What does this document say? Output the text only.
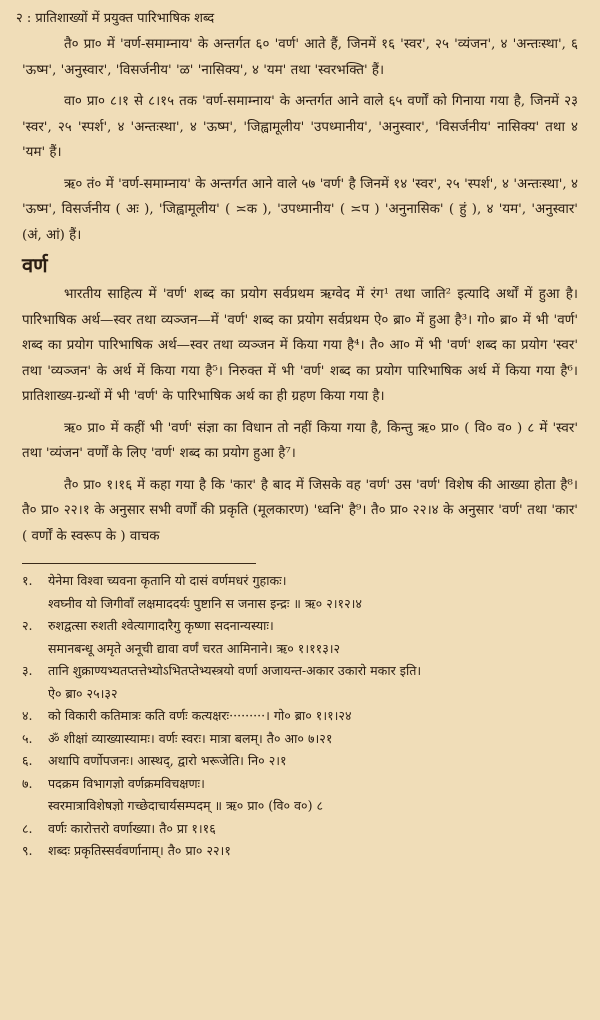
२ : प्रातिशाख्यों में प्रयुक्त पारिभाषिक शब्द

तै० प्रा० में 'वर्ण-समाम्नाय' के अन्तर्गत ६० 'वर्ण' आते हैं, जिनमें १६ 'स्वर', २५ 'व्यंजन', ४ 'अन्तःस्था', ६ 'ऊष्म', 'अनुस्वार', 'विसर्जनीय' 'ळ' 'नासिक्य', ४ 'यम' तथा 'स्वरभक्ति' हैं।

वा० प्रा० ८।१ से ८।१५ तक 'वर्ण-समाम्नाय' के अन्तर्गत आने वाले ६५ वर्णों को गिनाया गया है, जिनमें २३ 'स्वर', २५ 'स्पर्श', ४ 'अन्तःस्था', ४ 'ऊष्म', 'जिह्वामूलीय' 'उपध्मानीय', 'अनुस्वार', 'विसर्जनीय' नासिक्य' तथा ४ 'यम' हैं।

ऋ० तं० में 'वर्ण-समाम्नाय' के अन्तर्गत आने वाले ५७ 'वर्ण' है जिनमें १४ 'स्वर', २५ 'स्पर्श', ४ 'अन्तःस्था', ४ 'ऊष्म', विसर्जनीय ( अः ), 'जिह्वामूलीय' ( ≍क ), 'उपध्मानीय' ( ≍प ) 'अनुनासिक' ( हुं ), ४ 'यम', 'अनुस्वार' (अं, आं) हैं।

वर्ण

भारतीय साहित्य में 'वर्ण' शब्द का प्रयोग सर्वप्रथम ऋग्वेद में रंग¹ तथा जाति² इत्यादि अर्थों में हुआ है। पारिभाषिक अर्थ—स्वर तथा व्यञ्जन—में 'वर्ण' शब्द का प्रयोग सर्वप्रथम ऐ० ब्रा० में हुआ है³। गो० ब्रा० में भी 'वर्ण' शब्द का प्रयोग पारिभाषिक अर्थ—स्वर तथा व्यञ्जन में किया गया है⁴। तै० आ० में भी 'वर्ण' शब्द का प्रयोग 'स्वर' तथा 'व्यञ्जन' के अर्थ में किया गया है⁵। निरुक्त में भी 'वर्ण' शब्द का प्रयोग पारिभाषिक अर्थ में किया गया है⁶। प्रातिशाख्य-ग्रन्थों में भी 'वर्ण' के पारिभाषिक अर्थ का ही ग्रहण किया गया है।

ऋ० प्रा० में कहीं भी 'वर्ण' संज्ञा का विधान तो नहीं किया गया है, किन्तु ऋ० प्रा० ( वि० व० ) ८ में 'स्वर' तथा 'व्यंजन' वर्णों के लिए 'वर्ण' शब्द का प्रयोग हुआ है⁷।

तै० प्रा० १।१६ में कहा गया है कि 'कार' है बाद में जिसके वह 'वर्ण' उस 'वर्ण' विशेष की आख्या होता है⁸। तै० प्रा० २२।१ के अनुसार सभी वर्णों की प्रकृति (मूलकारण) 'ध्वनि' है⁹। तै० प्रा० २२।४ के अनुसार 'वर्ण' तथा 'कार' ( वर्णों के स्वरूप के ) वाचक

१.	येनेमा विश्वा च्यवना कृतानि यो दासं वर्णमधरं गुहाकः।
श्वघ्नीव यो जिगीवाँ लक्षमाददर्यः पुष्टानि स जनास इन्द्रः ॥ ऋ० २।१२।४
२.	रुशद्वत्सा रुशती श्वेत्यागादारैगु कृष्णा सदनान्यस्याः।
समानबन्धू अमृते अनूची द्यावा वर्णं चरत आमिनाने। ऋ० १।११३।२
३.	तानि शुक्राण्यभ्यतप्तत्तेभ्योऽभितप्तेभ्यस्त्रयो वर्णा अजायन्त-अकार उकारो मकार इति।
ऐ० ब्रा० २५।३२
४.	को विकारी कतिमात्रः कति वर्णः कत्यक्षरः·········। गो० ब्रा० १।१।२४
५.	ॐ शीक्षां व्याख्यास्यामः। वर्णः स्वरः। मात्रा बलम्। तै० आ० ७।२१
६.	अथापि वर्णोपजनः। आस्थद्, द्वारो भरूजेति। नि० २।१
७.	पदक्रम विभागज्ञो वर्णक्रमविचक्षणः।
स्वरमात्राविशेषज्ञो गच्छेदाचार्यसम्पदम् ॥ ऋ० प्रा० (वि० व०) ८
८.	वर्णः कारोत्तरो वर्णाख्या। तै० प्रा १।१६
९.	शब्दः प्रकृतिस्सर्ववर्णानाम्। तै० प्रा० २२।१
